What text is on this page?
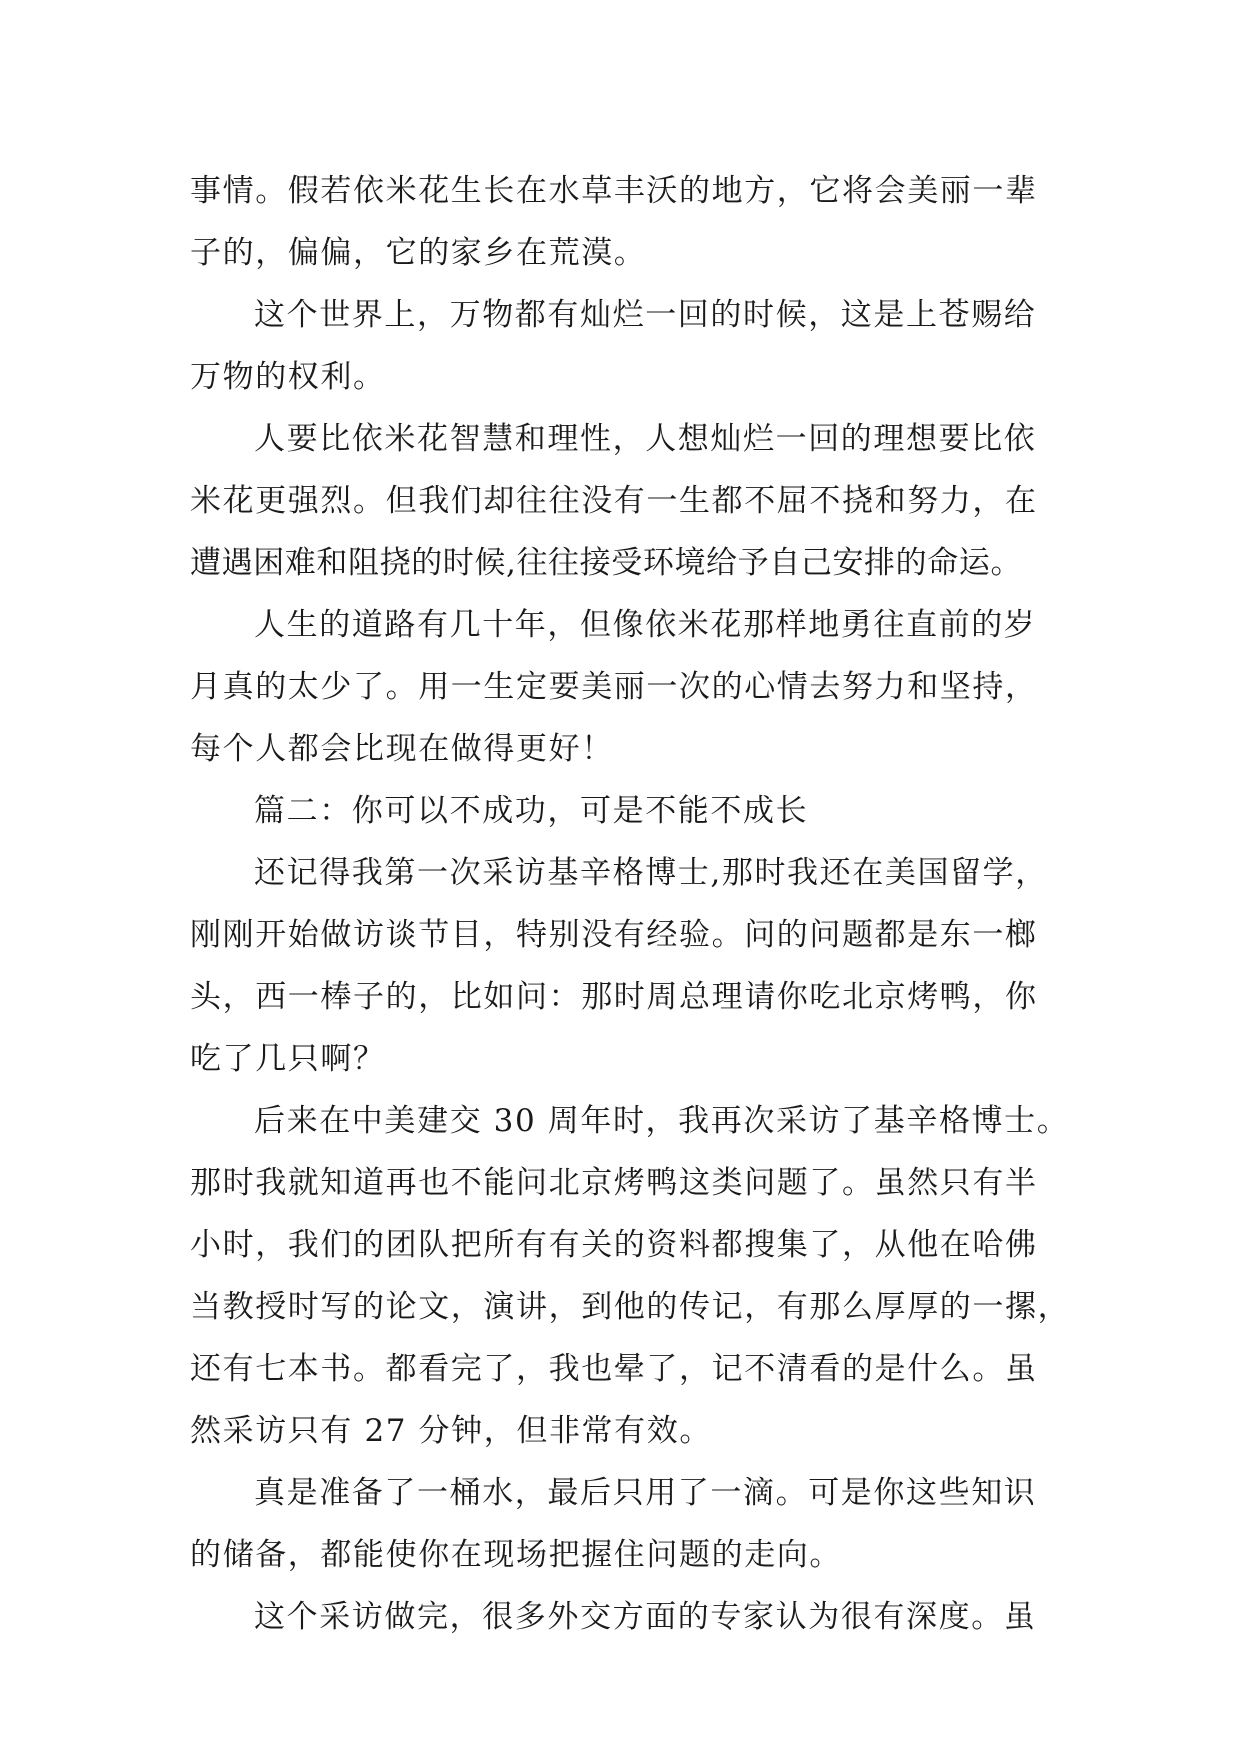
事情。假若依米花生长在水草丰沃的地方，它将会美丽一辈
子的，偏偏，它的家乡在荒漠。
这个世界上，万物都有灿烂一回的时候，这是上苍赐给
万物的权利。
人要比依米花智慧和理性，人想灿烂一回的理想要比依
米花更强烈。但我们却往往没有一生都不屈不挠和努力，在
遭遇困难和阻挠的时候,往往接受环境给予自己安排的命运。
人生的道路有几十年，但像依米花那样地勇往直前的岁
月真的太少了。用一生定要美丽一次的心情去努力和坚持，
每个人都会比现在做得更好！
篇二：你可以不成功，可是不能不成长
还记得我第一次采访基辛格博士,那时我还在美国留学，
刚刚开始做访谈节目，特别没有经验。问的问题都是东一榔
头，西一棒子的，比如问：那时周总理请你吃北京烤鸭，你
吃了几只啊？
后来在中美建交 30 周年时，我再次采访了基辛格博士。
那时我就知道再也不能问北京烤鸭这类问题了。虽然只有半
小时，我们的团队把所有有关的资料都搜集了，从他在哈佛
当教授时写的论文，演讲，到他的传记，有那么厚厚的一摞，
还有七本书。都看完了，我也晕了，记不清看的是什么。虽
然采访只有 27 分钟，但非常有效。
真是准备了一桶水，最后只用了一滴。可是你这些知识
的储备，都能使你在现场把握住问题的走向。
这个采访做完，很多外交方面的专家认为很有深度。虽
